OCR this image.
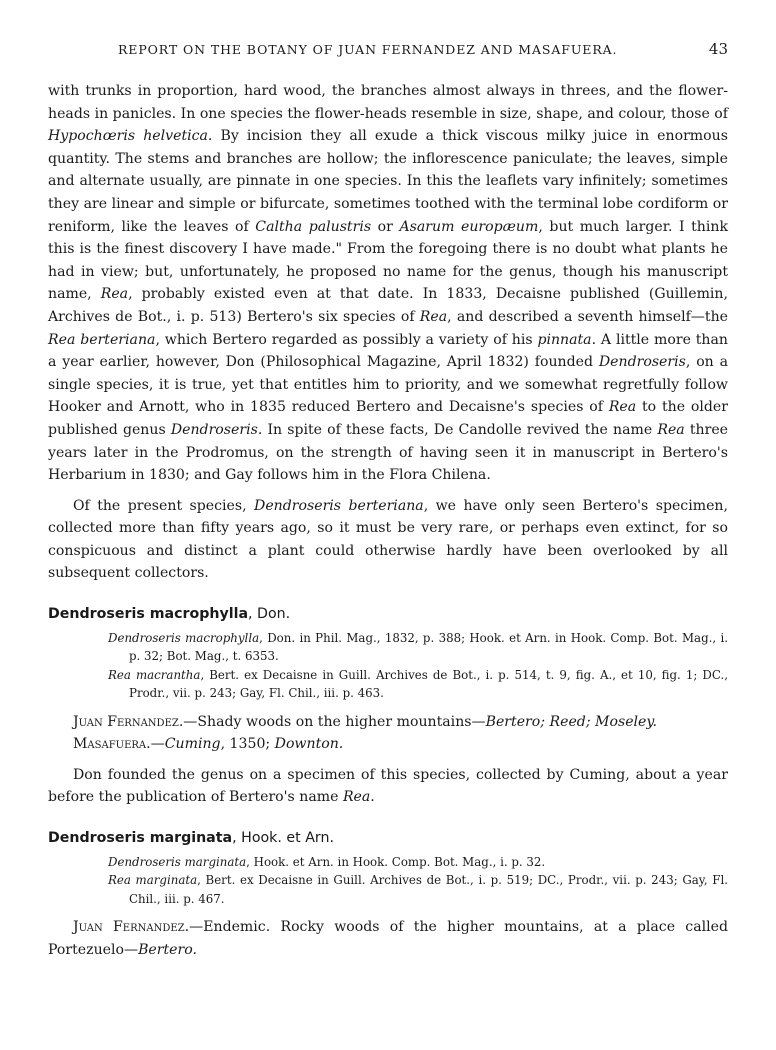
REPORT ON THE BOTANY OF JUAN FERNANDEZ AND MASAFUERA.	43

with trunks in proportion, hard wood, the branches almost always in threes, and the flower-heads in panicles. In one species the flower-heads resemble in size, shape, and colour, those of Hypochœris helvetica. By incision they all exude a thick viscous milky juice in enormous quantity. The stems and branches are hollow; the inflorescence paniculate; the leaves, simple and alternate usually, are pinnate in one species. In this the leaflets vary infinitely; sometimes they are linear and simple or bifurcate, sometimes toothed with the terminal lobe cordiform or reniform, like the leaves of Caltha palustris or Asarum europæum, but much larger. I think this is the finest discovery I have made." From the foregoing there is no doubt what plants he had in view; but, unfortunately, he proposed no name for the genus, though his manuscript name, Rea, probably existed even at that date. In 1833, Decaisne published (Guillemin, Archives de Bot., i. p. 513) Bertero's six species of Rea, and described a seventh himself—the Rea berteriana, which Bertero regarded as possibly a variety of his pinnata. A little more than a year earlier, however, Don (Philosophical Magazine, April 1832) founded Dendroseris, on a single species, it is true, yet that entitles him to priority, and we somewhat regretfully follow Hooker and Arnott, who in 1835 reduced Bertero and Decaisne's species of Rea to the older published genus Dendroseris. In spite of these facts, De Candolle revived the name Rea three years later in the Prodromus, on the strength of having seen it in manuscript in Bertero's Herbarium in 1830; and Gay follows him in the Flora Chilena.

Of the present species, Dendroseris berteriana, we have only seen Bertero's specimen, collected more than fifty years ago, so it must be very rare, or perhaps even extinct, for so conspicuous and distinct a plant could otherwise hardly have been overlooked by all subsequent collectors.

Dendroseris macrophylla, Don.

Dendroseris macrophylla, Don. in Phil. Mag., 1832, p. 388; Hook. et Arn. in Hook. Comp. Bot. Mag., i. p. 32; Bot. Mag., t. 6353.

Rea macrantha, Bert. ex Decaisne in Guill. Archives de Bot., i. p. 514, t. 9, fig. A., et 10, fig. 1; DC., Prodr., vii. p. 243; Gay, Fl. Chil., iii. p. 463.

Juan Fernandez.—Shady woods on the higher mountains—Bertero; Reed; Moseley.

Masafuera.—Cuming, 1350; Downton.

Don founded the genus on a specimen of this species, collected by Cuming, about a year before the publication of Bertero's name Rea.

Dendroseris marginata, Hook. et Arn.

Dendroseris marginata, Hook. et Arn. in Hook. Comp. Bot. Mag., i. p. 32.

Rea marginata, Bert. ex Decaisne in Guill. Archives de Bot., i. p. 519; DC., Prodr., vii. p. 243; Gay, Fl. Chil., iii. p. 467.

Juan Fernandez.—Endemic. Rocky woods of the higher mountains, at a place called Portezuelo—Bertero.
